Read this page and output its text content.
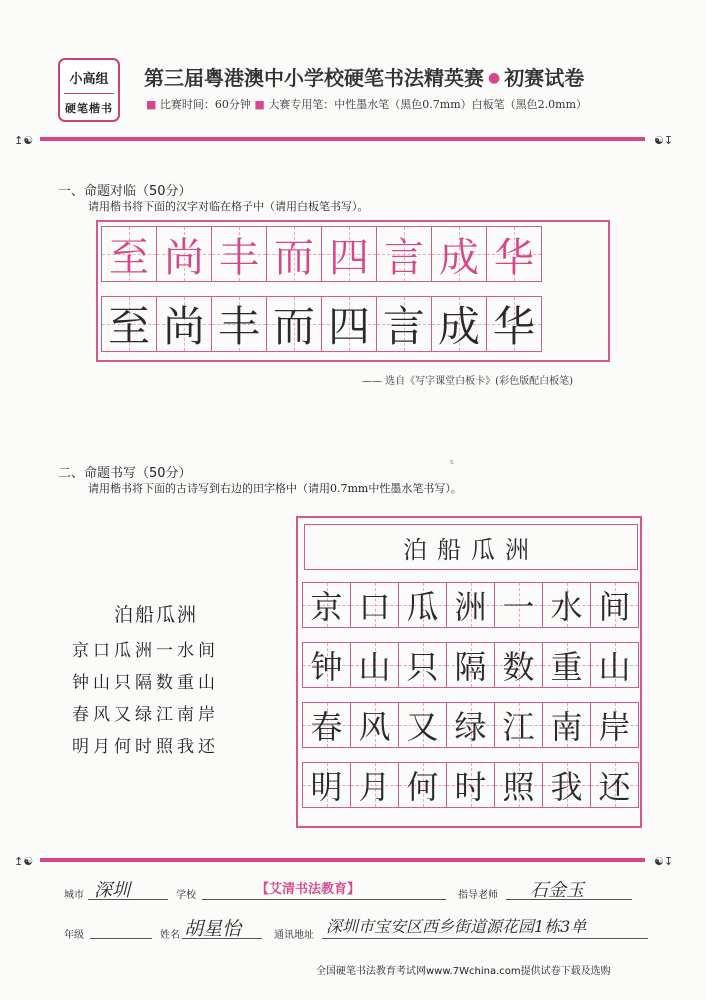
小高组
硬笔楷书
第三届粤港澳中小学校硬笔书法精英赛 ● 初赛试卷
■ 比赛时间：60分钟 ■ 大赛专用笔：中性墨水笔（黑色0.7mm）白板笔（黑色2.0mm）
↥☯	☯↧
一、命题对临（50分）
请用楷书将下面的汉字对临在格子中（请用白板笔书写）。
至 尚 丰 而 四 言 成 华
至 尚 丰 而 四 言 成 华
—— 选自《写字课堂白板卡》(彩色版配白板笔)
s
二、命题书写（50分）
请用楷书将下面的古诗写到右边的田字格中（请用0.7mm中性墨水笔书写）。
泊船瓜洲
京口瓜洲一水间
钟山只隔数重山
春风又绿江南岸
明月何时照我还
泊船瓜洲
京 口 瓜 洲 一 水 间
钟 山 只 隔 数 重 山
春 风 又 绿 江 南 岸
明 月 何 时 照 我 还
↥☯	☯↧
城市 深圳	学校	【艾清书法教育】	指导老师 石金玉
年级	姓名 胡星怡	通讯地址 深圳市宝安区西乡街道源花园1栋3单
全国硬笔书法教育考试网www.7Wchina.com提供试卷下载及选购
